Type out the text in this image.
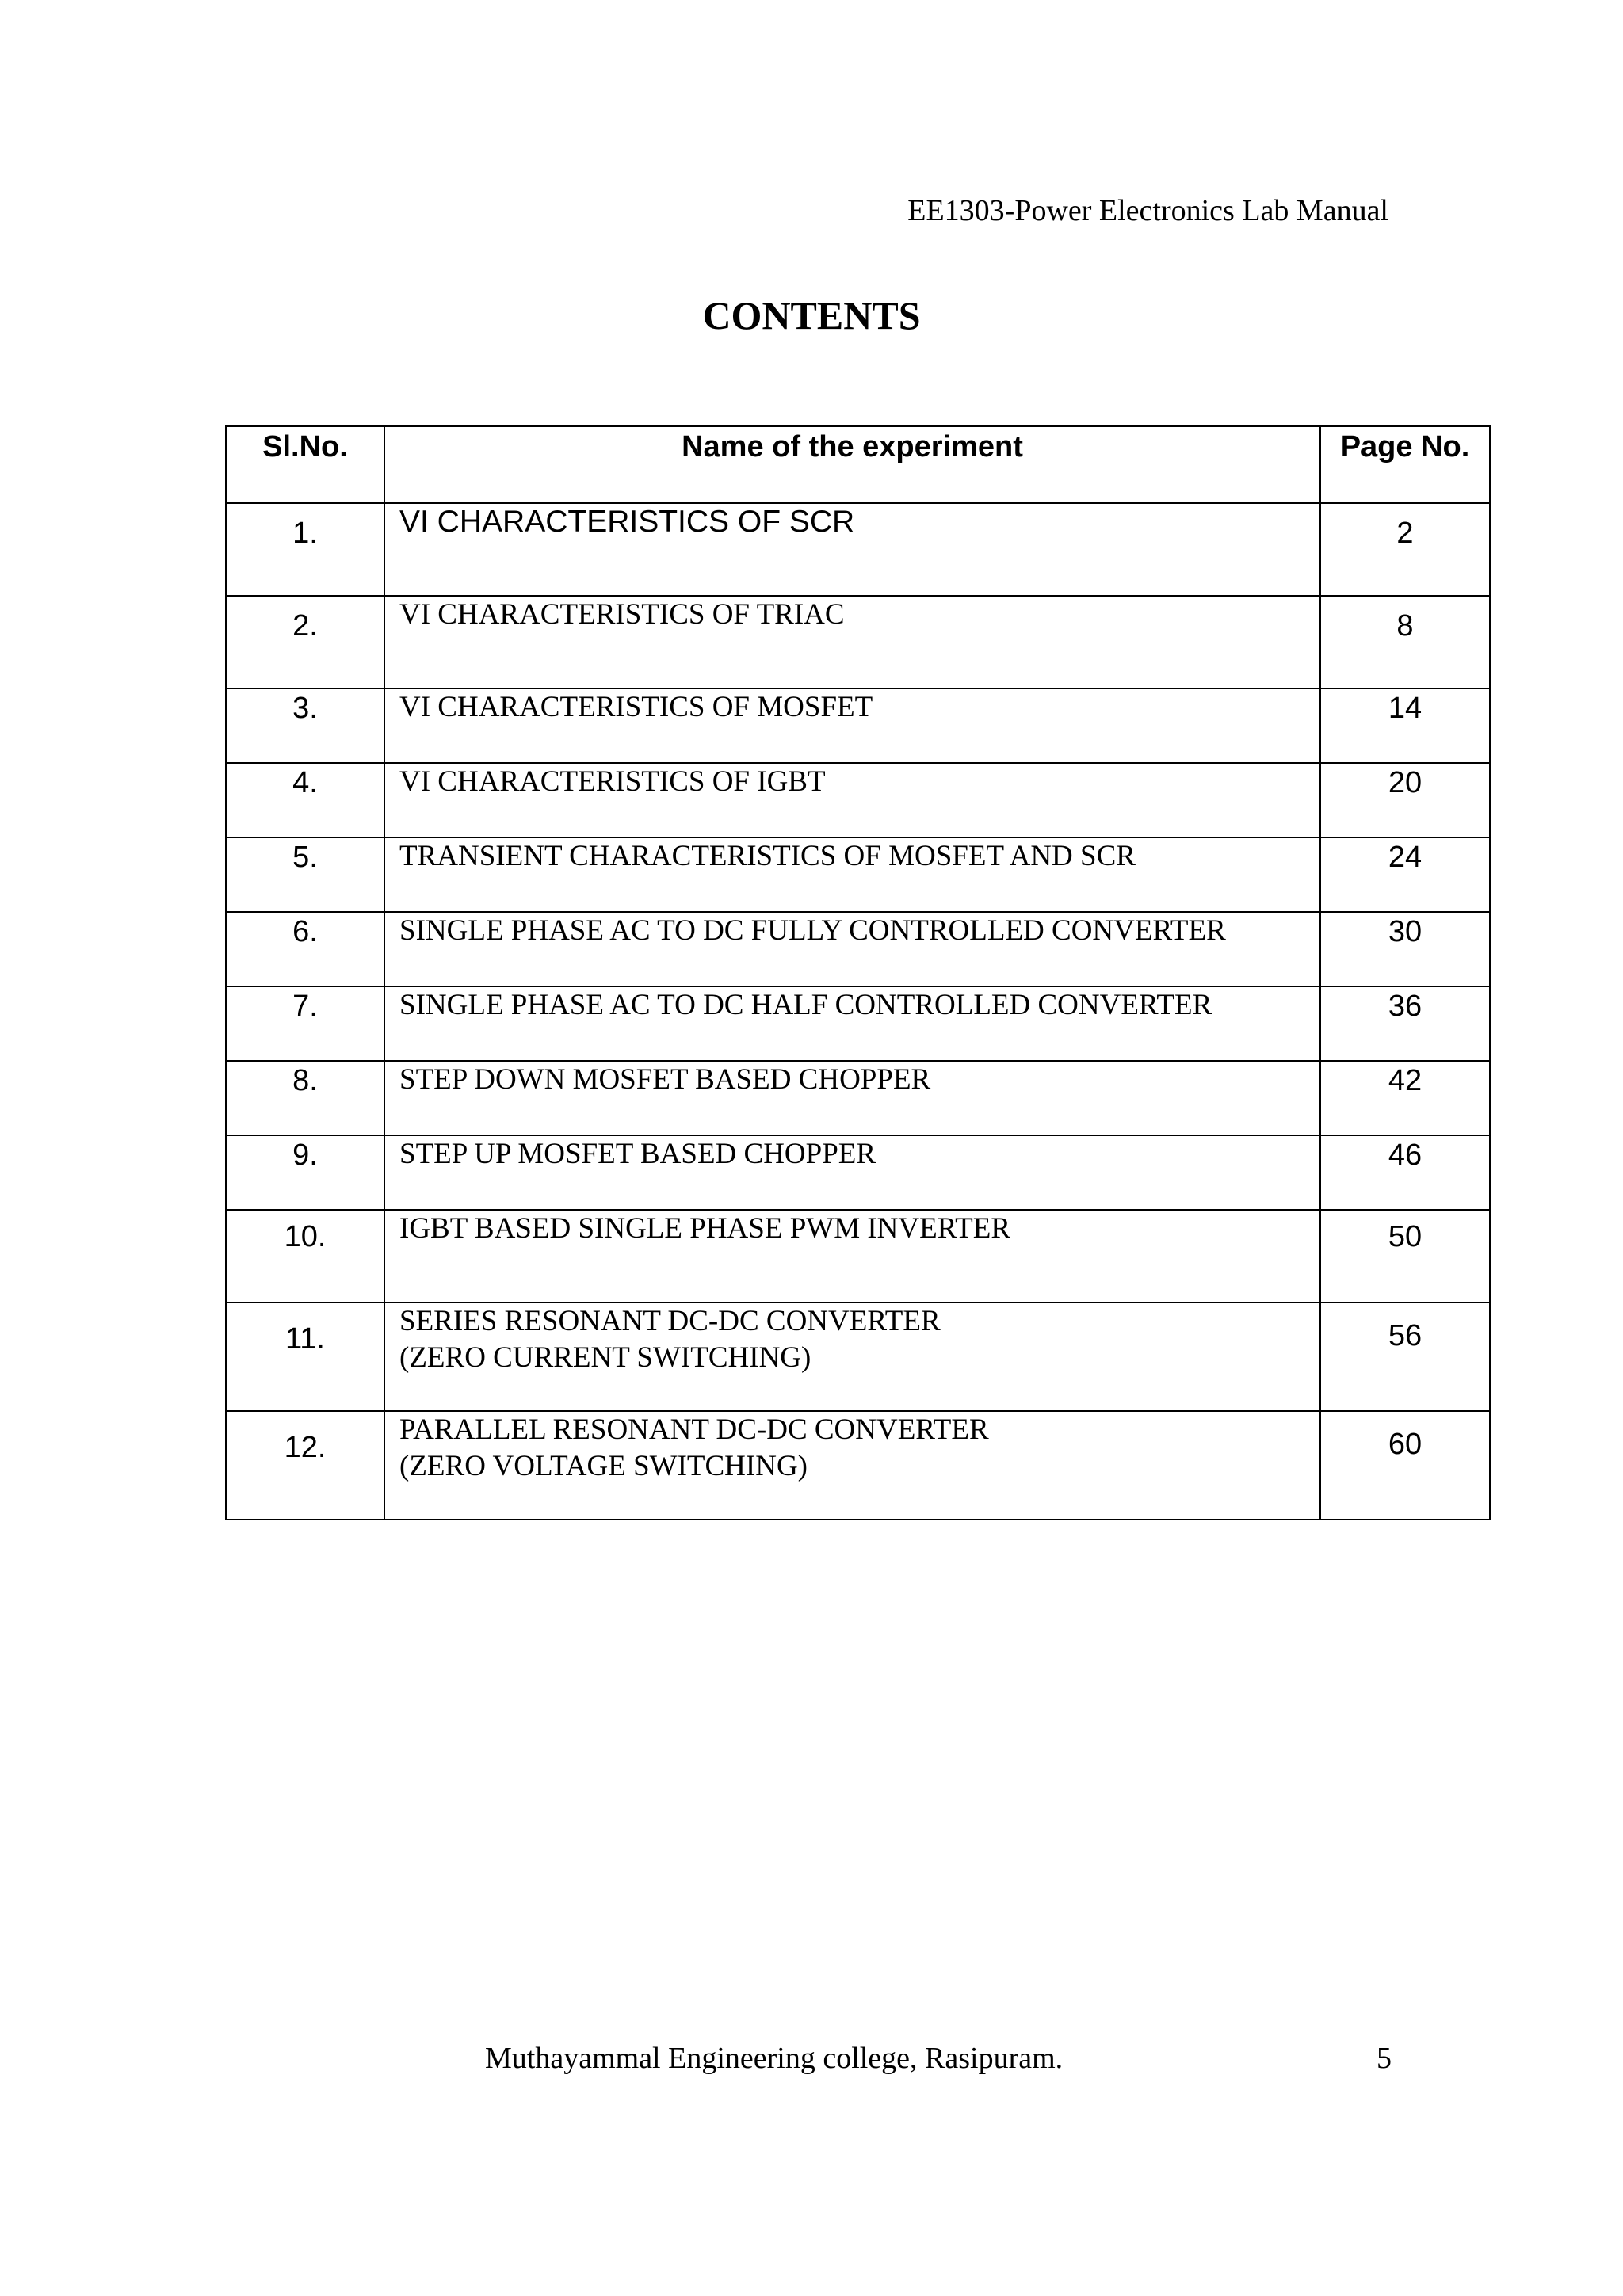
EE1303-Power Electronics Lab Manual
CONTENTS
Sl.No.	Name of the experiment	Page No.

1.	VI CHARACTERISTICS OF SCR	2

2.	VI CHARACTERISTICS OF TRIAC	8

3.	VI CHARACTERISTICS OF MOSFET	14

4.	VI CHARACTERISTICS OF IGBT	20

5.	TRANSIENT CHARACTERISTICS OF MOSFET AND SCR	24

6.	SINGLE PHASE AC TO DC FULLY CONTROLLED CONVERTER	30

7.	SINGLE PHASE AC TO DC HALF CONTROLLED CONVERTER	36

8.	STEP DOWN MOSFET BASED CHOPPER	42

9.	STEP UP MOSFET BASED CHOPPER	46

10.	IGBT BASED SINGLE PHASE PWM INVERTER	50

11.	SERIES RESONANT DC-DC CONVERTER
(ZERO CURRENT SWITCHING)	56

12.	PARALLEL RESONANT DC-DC CONVERTER
(ZERO VOLTAGE SWITCHING)	60
Muthayammal Engineering college, Rasipuram.	5
